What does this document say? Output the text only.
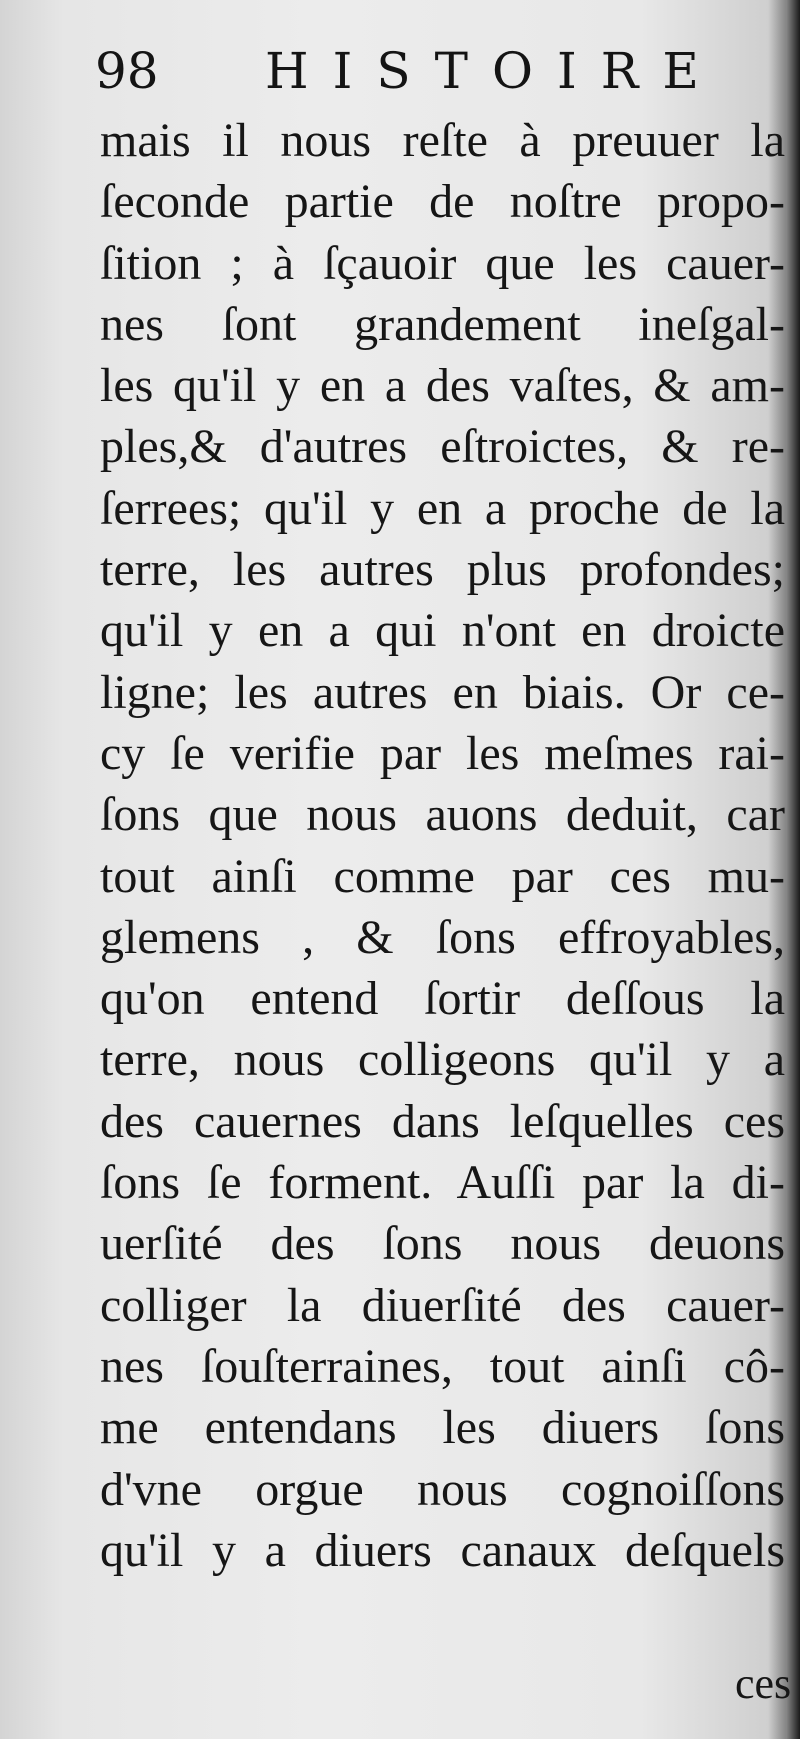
98 HISTOIRE
mais il nous reſte à preuuer la
ſeconde partie de noſtre propo-
ſition ; à ſçauoir que les cauer-
nes ſont grandement ineſgal-
les qu'il y en a des vaſtes, & am-
ples,& d'autres eſtroictes, & re-
ſerrees; qu'il y en a proche de la
terre, les autres plus profondes;
qu'il y en a qui n'ont en droicte
ligne; les autres en biais. Or ce-
cy ſe verifie par les meſmes rai-
ſons que nous auons deduit, car
tout ainſi comme par ces mu-
glemens , & ſons effroyables,
qu'on entend ſortir deſſous la
terre, nous colligeons qu'il y a
des cauernes dans leſquelles ces
ſons ſe forment. Auſſi par la di-
uerſité des ſons nous deuons
colliger la diuerſité des cauer-
nes ſouſterraines, tout ainſi cô-
me entendans les diuers ſons
d'vne orgue nous cognoiſſons
qu'il y a diuers canaux deſquels
ces
